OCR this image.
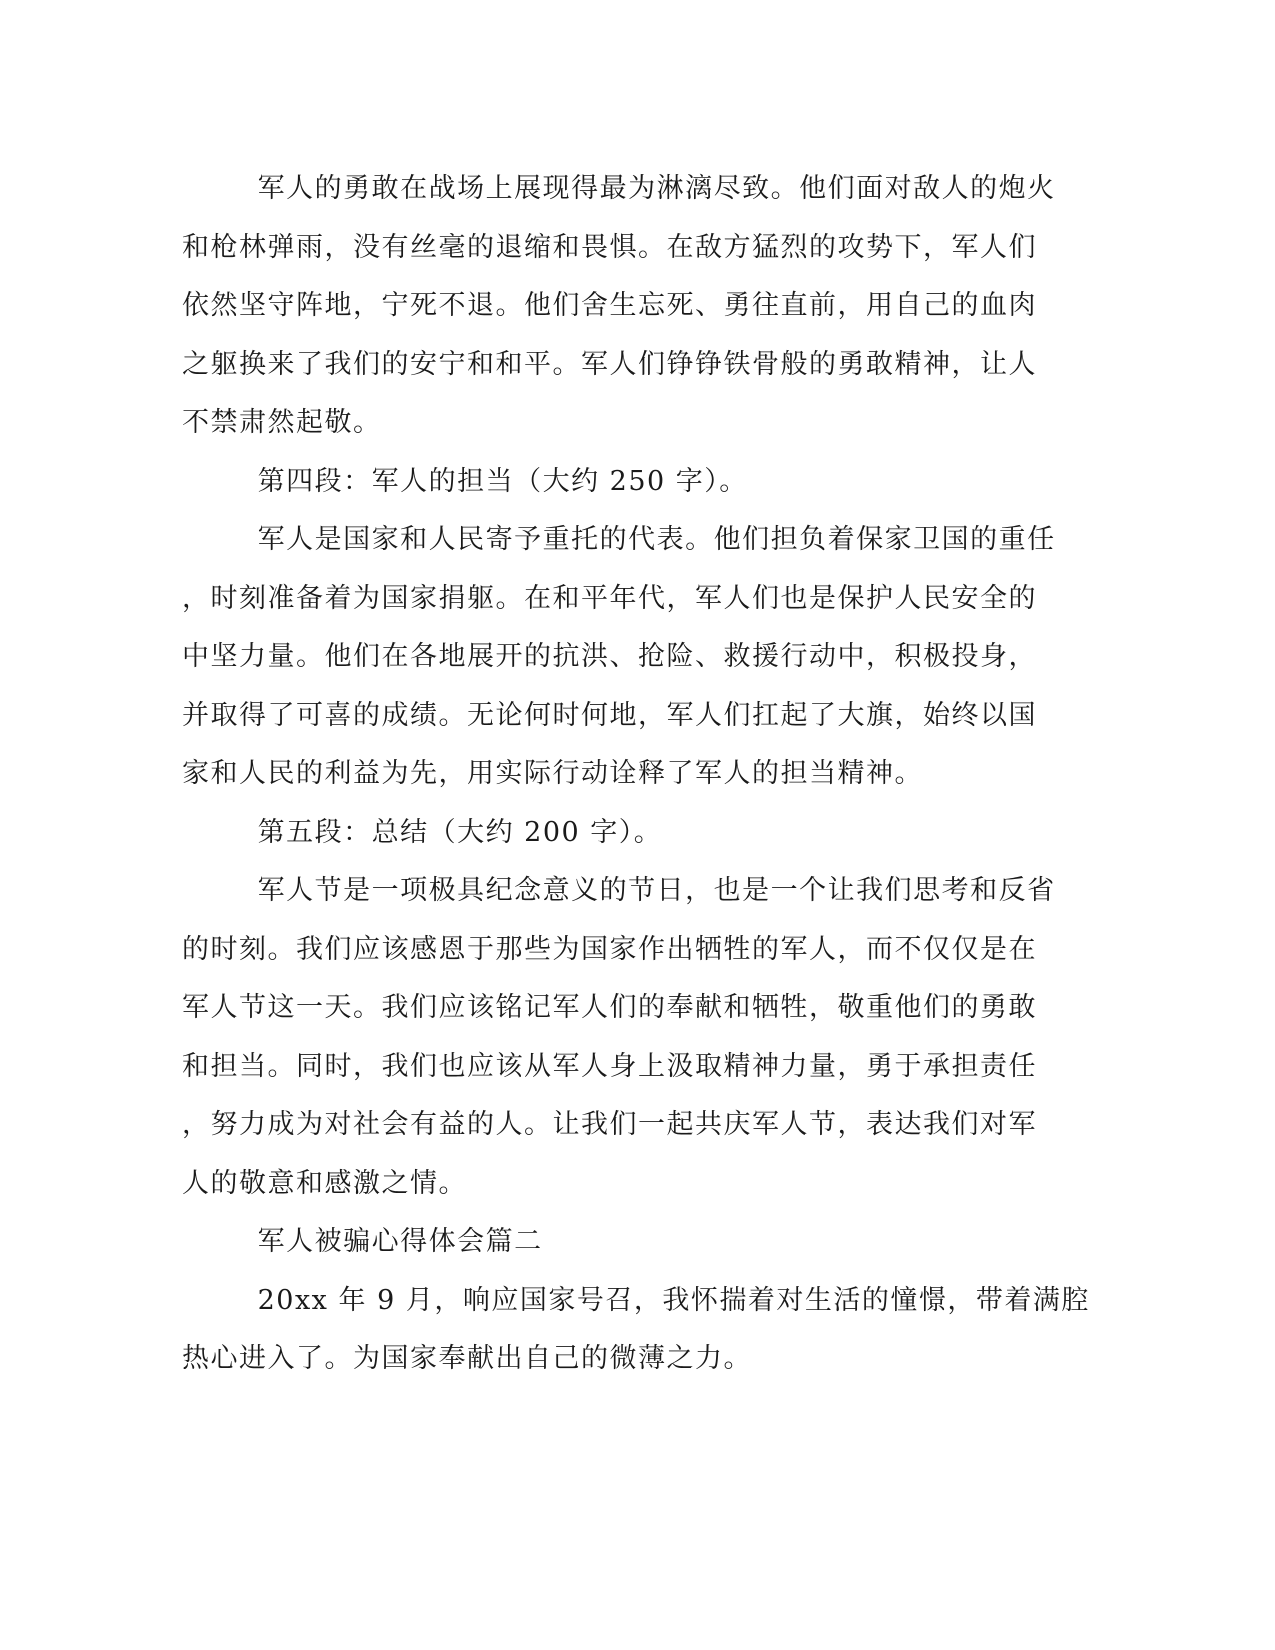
军人的勇敢在战场上展现得最为淋漓尽致。他们面对敌人的炮火
和枪林弹雨，没有丝毫的退缩和畏惧。在敌方猛烈的攻势下，军人们
依然坚守阵地，宁死不退。他们舍生忘死、勇往直前，用自己的血肉
之躯换来了我们的安宁和和平。军人们铮铮铁骨般的勇敢精神，让人
不禁肃然起敬。

第四段：军人的担当（大约 250 字）。

军人是国家和人民寄予重托的代表。他们担负着保家卫国的重任
，时刻准备着为国家捐躯。在和平年代，军人们也是保护人民安全的
中坚力量。他们在各地展开的抗洪、抢险、救援行动中，积极投身，
并取得了可喜的成绩。无论何时何地，军人们扛起了大旗，始终以国
家和人民的利益为先，用实际行动诠释了军人的担当精神。

第五段：总结（大约 200 字）。

军人节是一项极具纪念意义的节日，也是一个让我们思考和反省
的时刻。我们应该感恩于那些为国家作出牺牲的军人，而不仅仅是在
军人节这一天。我们应该铭记军人们的奉献和牺牲，敬重他们的勇敢
和担当。同时，我们也应该从军人身上汲取精神力量，勇于承担责任
，努力成为对社会有益的人。让我们一起共庆军人节，表达我们对军
人的敬意和感激之情。

军人被骗心得体会篇二

20xx 年 9 月，响应国家号召，我怀揣着对生活的憧憬，带着满腔
热心进入了。为国家奉献出自己的微薄之力。
